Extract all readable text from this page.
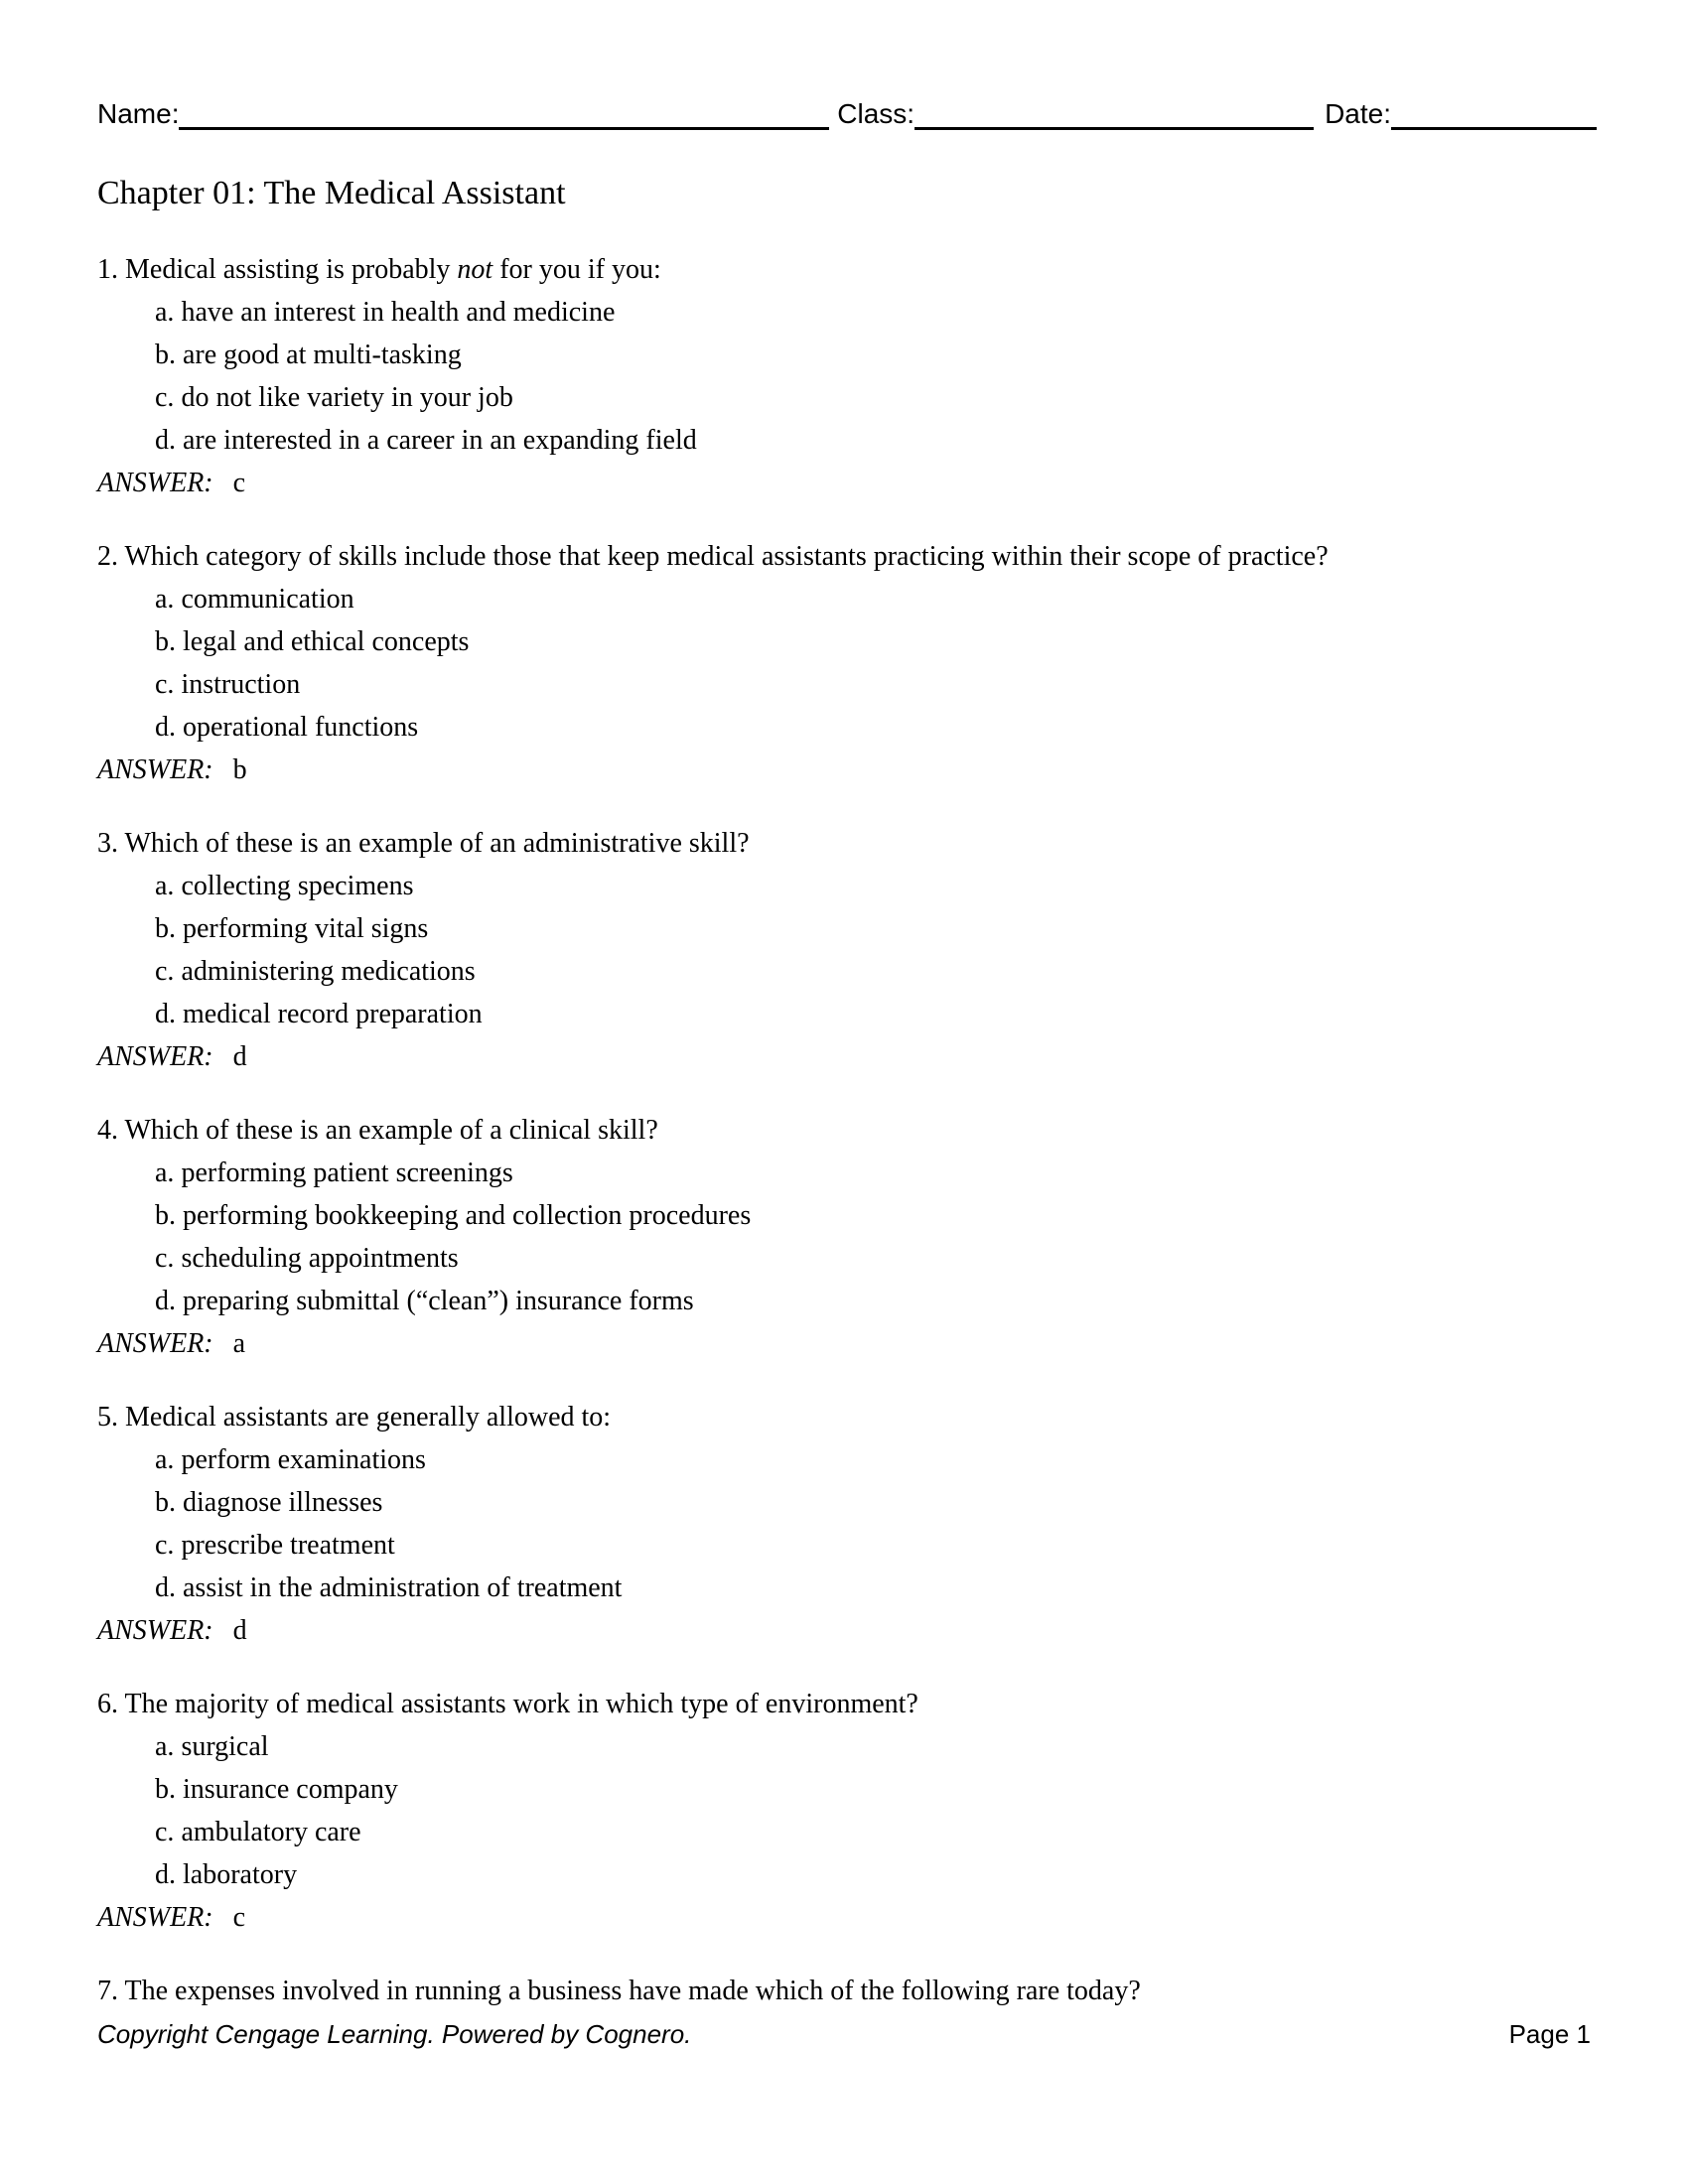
Name:	Class:	Date:
Chapter 01: The Medical Assistant
1. Medical assisting is probably not for you if you:
a. have an interest in health and medicine
b. are good at multi-tasking
c. do not like variety in your job
d. are interested in a career in an expanding field
ANSWER: c
2. Which category of skills include those that keep medical assistants practicing within their scope of practice?
a. communication
b. legal and ethical concepts
c. instruction
d. operational functions
ANSWER: b
3. Which of these is an example of an administrative skill?
a. collecting specimens
b. performing vital signs
c. administering medications
d. medical record preparation
ANSWER: d
4. Which of these is an example of a clinical skill?
a. performing patient screenings
b. performing bookkeeping and collection procedures
c. scheduling appointments
d. preparing submittal (“clean”) insurance forms
ANSWER: a
5. Medical assistants are generally allowed to:
a. perform examinations
b. diagnose illnesses
c. prescribe treatment
d. assist in the administration of treatment
ANSWER: d
6. The majority of medical assistants work in which type of environment?
a. surgical
b. insurance company
c. ambulatory care
d. laboratory
ANSWER: c
7. The expenses involved in running a business have made which of the following rare today?
Copyright Cengage Learning. Powered by Cognero.	Page 1
